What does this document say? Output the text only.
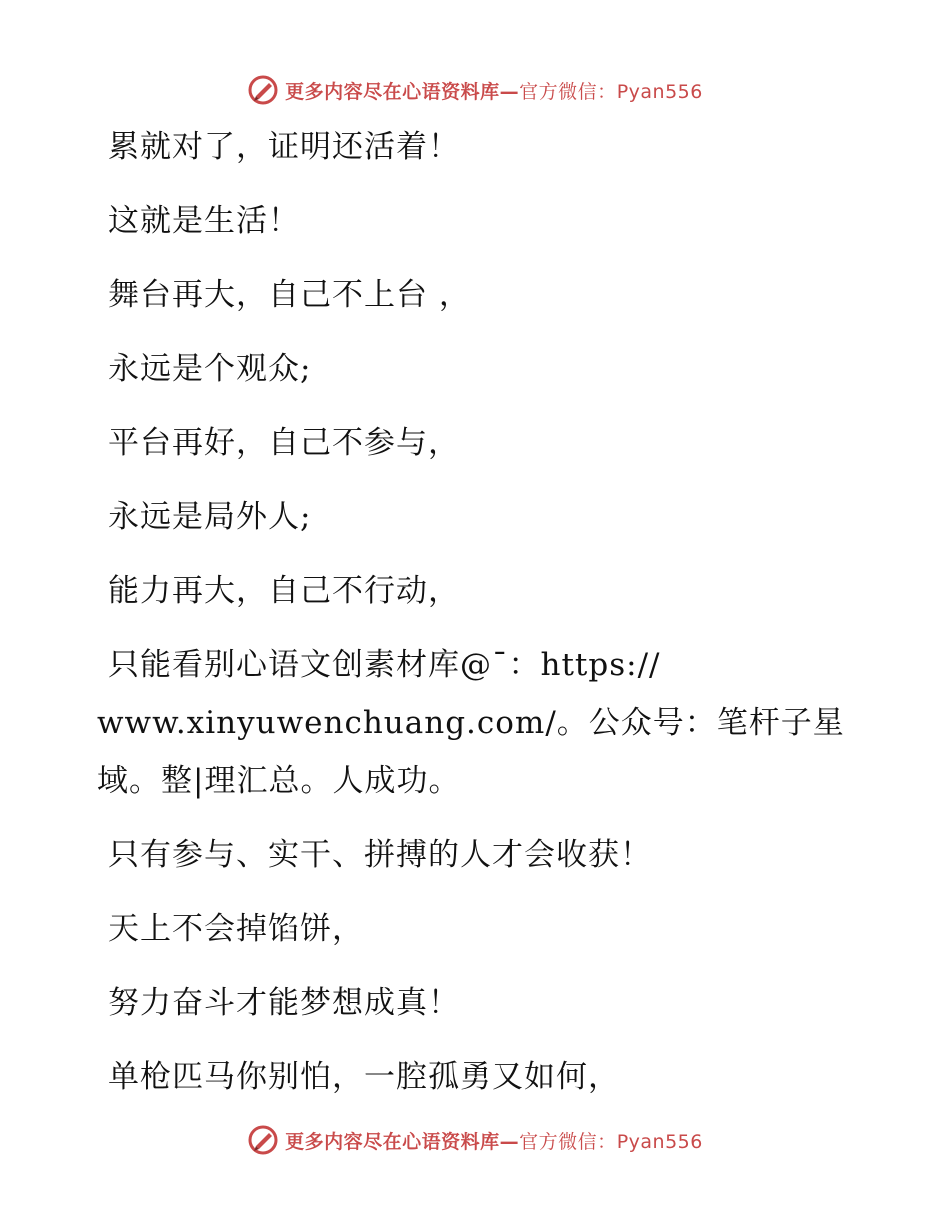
更多内容尽在心语资料库—官方微信：Pyan556
累就对了，证明还活着！
这就是生活！
舞台再大，自己不上台 ，
永远是个观众;
平台再好，自己不参与，
永远是局外人;
能力再大，自己不行动，
只能看别心语文创素材库@¯：https://
www.xinyuwenchuang.com/。公众号：笔杆子星
域。整|理汇总。人成功。
只有参与、实干、拼搏的人才会收获！
天上不会掉馅饼，
努力奋斗才能梦想成真！
单枪匹马你别怕，一腔孤勇又如何，
更多内容尽在心语资料库—官方微信：Pyan556
